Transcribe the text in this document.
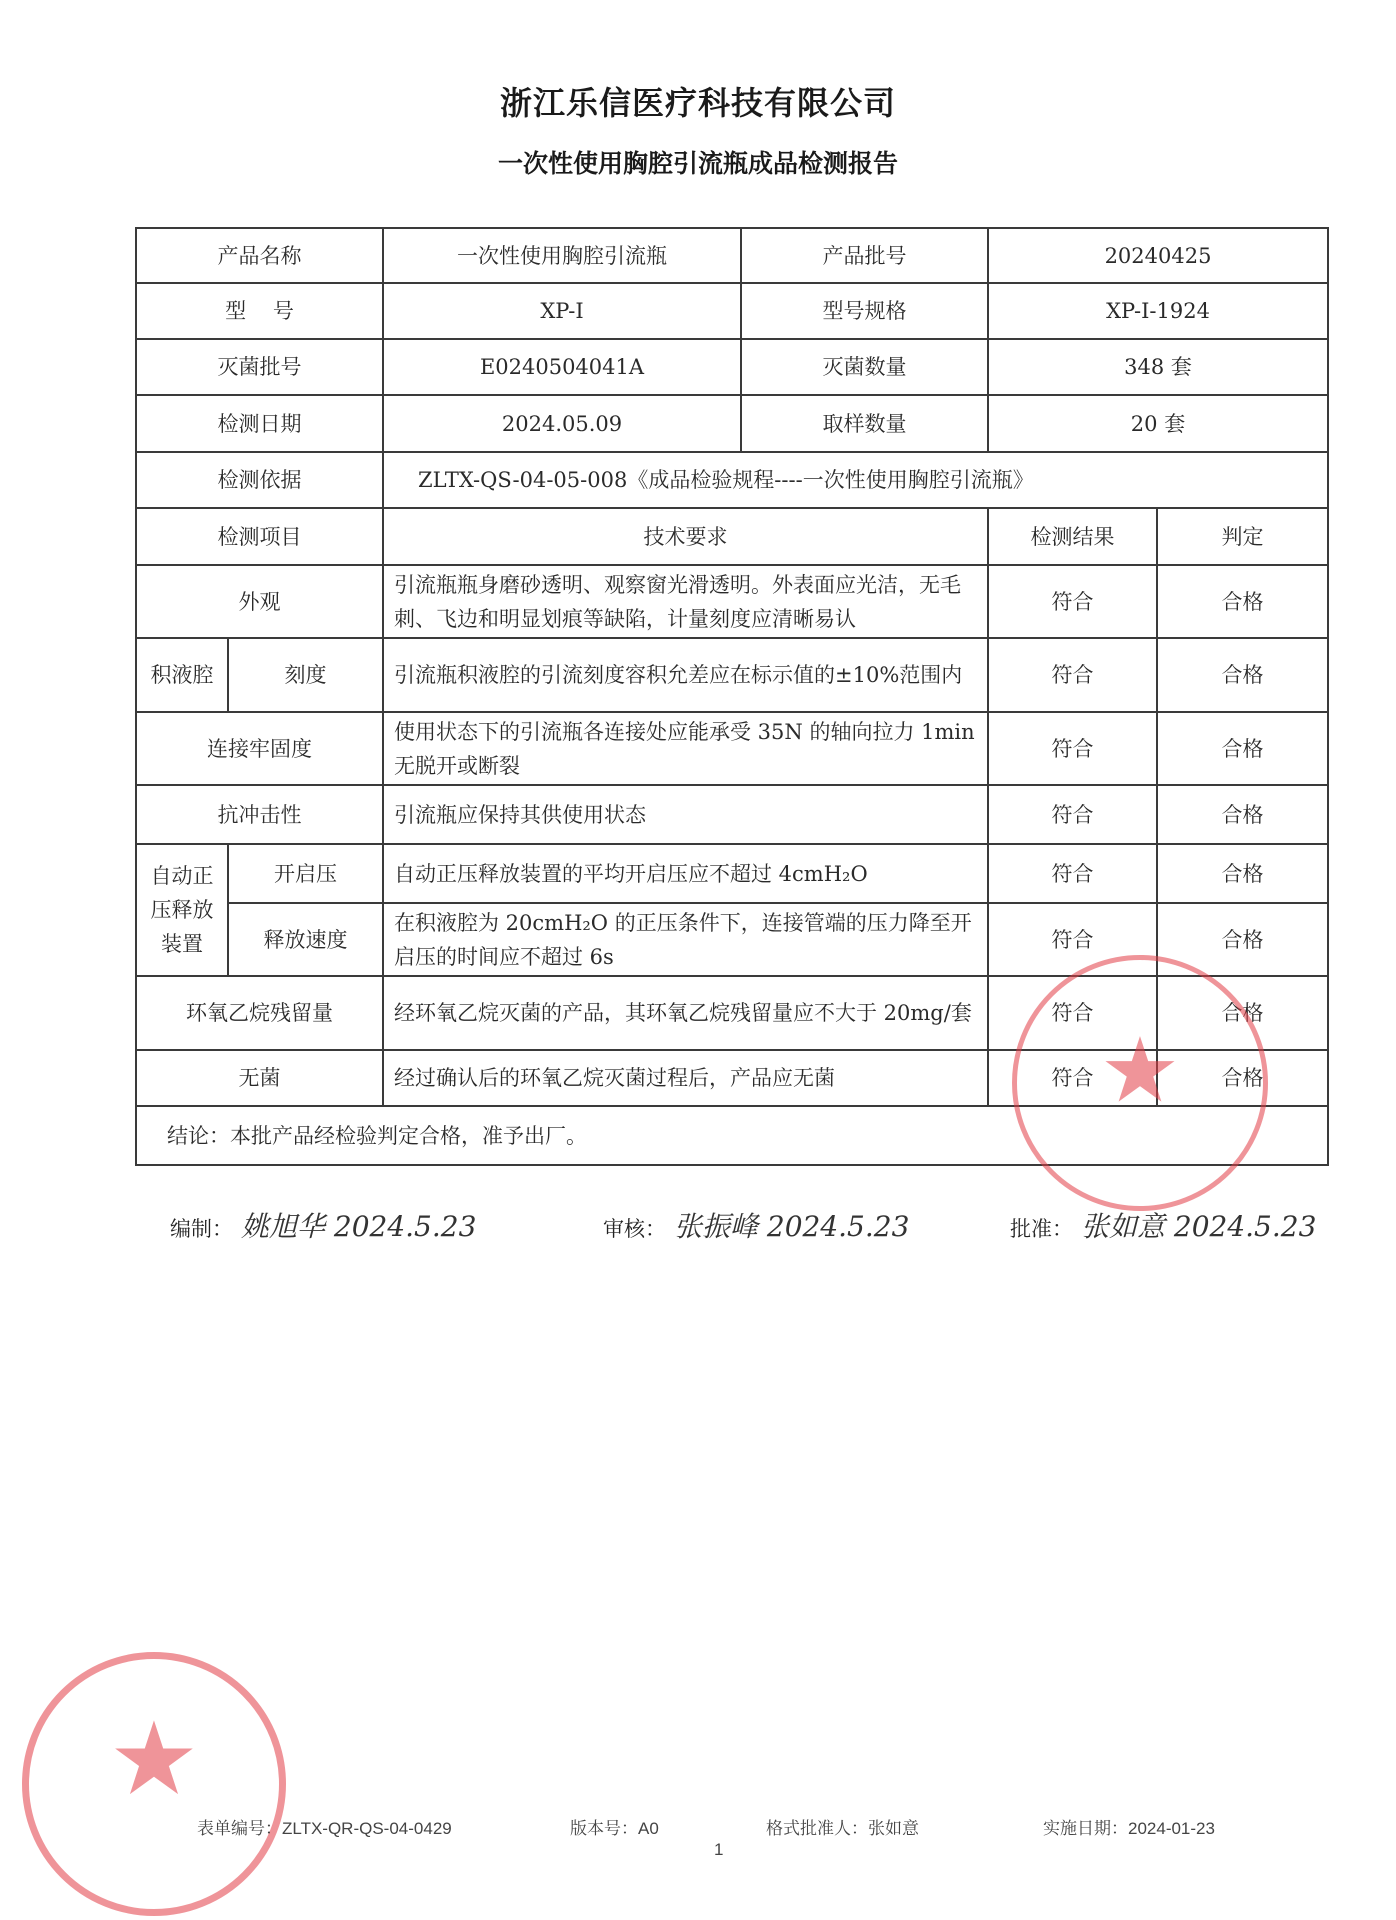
浙江乐信医疗科技有限公司
一次性使用胸腔引流瓶成品检测报告
产品名称		一次性使用胸腔引流瓶	产品批号	20240425	
型    号		XP-I	型号规格	XP-I-1924	
灭菌批号		E0240504041A	灭菌数量	348 套	
检测日期		2024.05.09	取样数量	20 套	
检测依据		ZLTX-QS-04-05-008《成品检验规程----一次性使用胸腔引流瓶》			
检测项目		技术要求		检测结果	判定
外观		引流瓶瓶身磨砂透明、观察窗光滑透明。外表面应光洁，无毛刺、飞边和明显划痕等缺陷，计量刻度应清晰易认		符合	合格
积液腔	刻度	引流瓶积液腔的引流刻度容积允差应在标示值的±10%范围内		符合	合格
连接牢固度		使用状态下的引流瓶各连接处应能承受 35N 的轴向拉力 1min 无脱开或断裂		符合	合格
抗冲击性		引流瓶应保持其供使用状态		符合	合格
自动正压释放装置	开启压	自动正压释放装置的平均开启压应不超过 4cmH₂O		符合	合格
	释放速度	在积液腔为 20cmH₂O 的正压条件下，连接管端的压力降至开启压的时间应不超过 6s		符合	合格
环氧乙烷残留量		经环氧乙烷灭菌的产品，其环氧乙烷残留量应不大于 20mg/套		符合	合格
无菌		经过确认后的环氧乙烷灭菌过程后，产品应无菌		符合	合格
结论：本批产品经检验判定合格，准予出厂。					
编制： 姚旭华 2024.5.23	审核： 张振峰 2024.5.23	批准： 张如意 2024.5.23
★
★
表单编号：ZLTX-QR-QS-04-0429	版本号：A0	格式批准人：张如意	实施日期：2024-01-23
1
